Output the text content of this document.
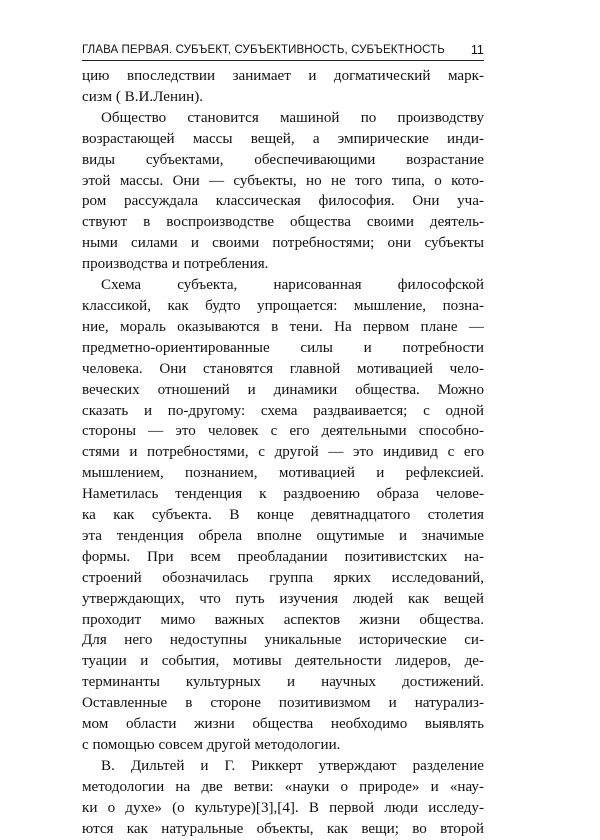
ГЛАВА ПЕРВАЯ. СУБЪЕКТ, СУБЪЕКТИВНОСТЬ, СУБЪЕКТНОСТЬ 11

цию впоследствии занимает и догматический марк-
сизм ( В.И.Ленин).

Общество становится машиной по производству
возрастающей массы вещей, а эмпирические инди-
виды субъектами, обеспечивающими возрастание
этой массы. Они — субъекты, но не того типа, о кото-
ром рассуждала классическая философия. Они уча-
ствуют в воспроизводстве общества своими деятель-
ными силами и своими потребностями; они субъекты
производства и потребления.

Схема субъекта, нарисованная философской
классикой, как будто упрощается: мышление, позна-
ние, мораль оказываются в тени. На первом плане —
предметно-ориентированные силы и потребности
человека. Они становятся главной мотивацией чело-
веческих отношений и динамики общества. Можно
сказать и по-другому: схема раздваивается; с одной
стороны — это человек с его деятельными способно-
стями и потребностями, с другой — это индивид с его
мышлением, познанием, мотивацией и рефлексией.
Наметилась тенденция к раздвоению образа челове-
ка как субъекта. В конце девятнадцатого столетия
эта тенденция обрела вполне ощутимые и значимые
формы. При всем преобладании позитивистских на-
строений обозначилась группа ярких исследований,
утверждающих, что путь изучения людей как вещей
проходит мимо важных аспектов жизни общества.
Для него недоступны уникальные исторические си-
туации и события, мотивы деятельности лидеров, де-
терминанты культурных и научных достижений.
Оставленные в стороне позитивизмом и натурализ-
мом области жизни общества необходимо выявлять
с помощью совсем другой методологии.

В. Дильтей и Г. Риккерт утверждают разделение
методологии на две ветви: «науки о природе» и «нау-
ки о духе» (о культуре)[3],[4]. В первой люди исследу-
ются как натуральные объекты, как вещи; во второй
